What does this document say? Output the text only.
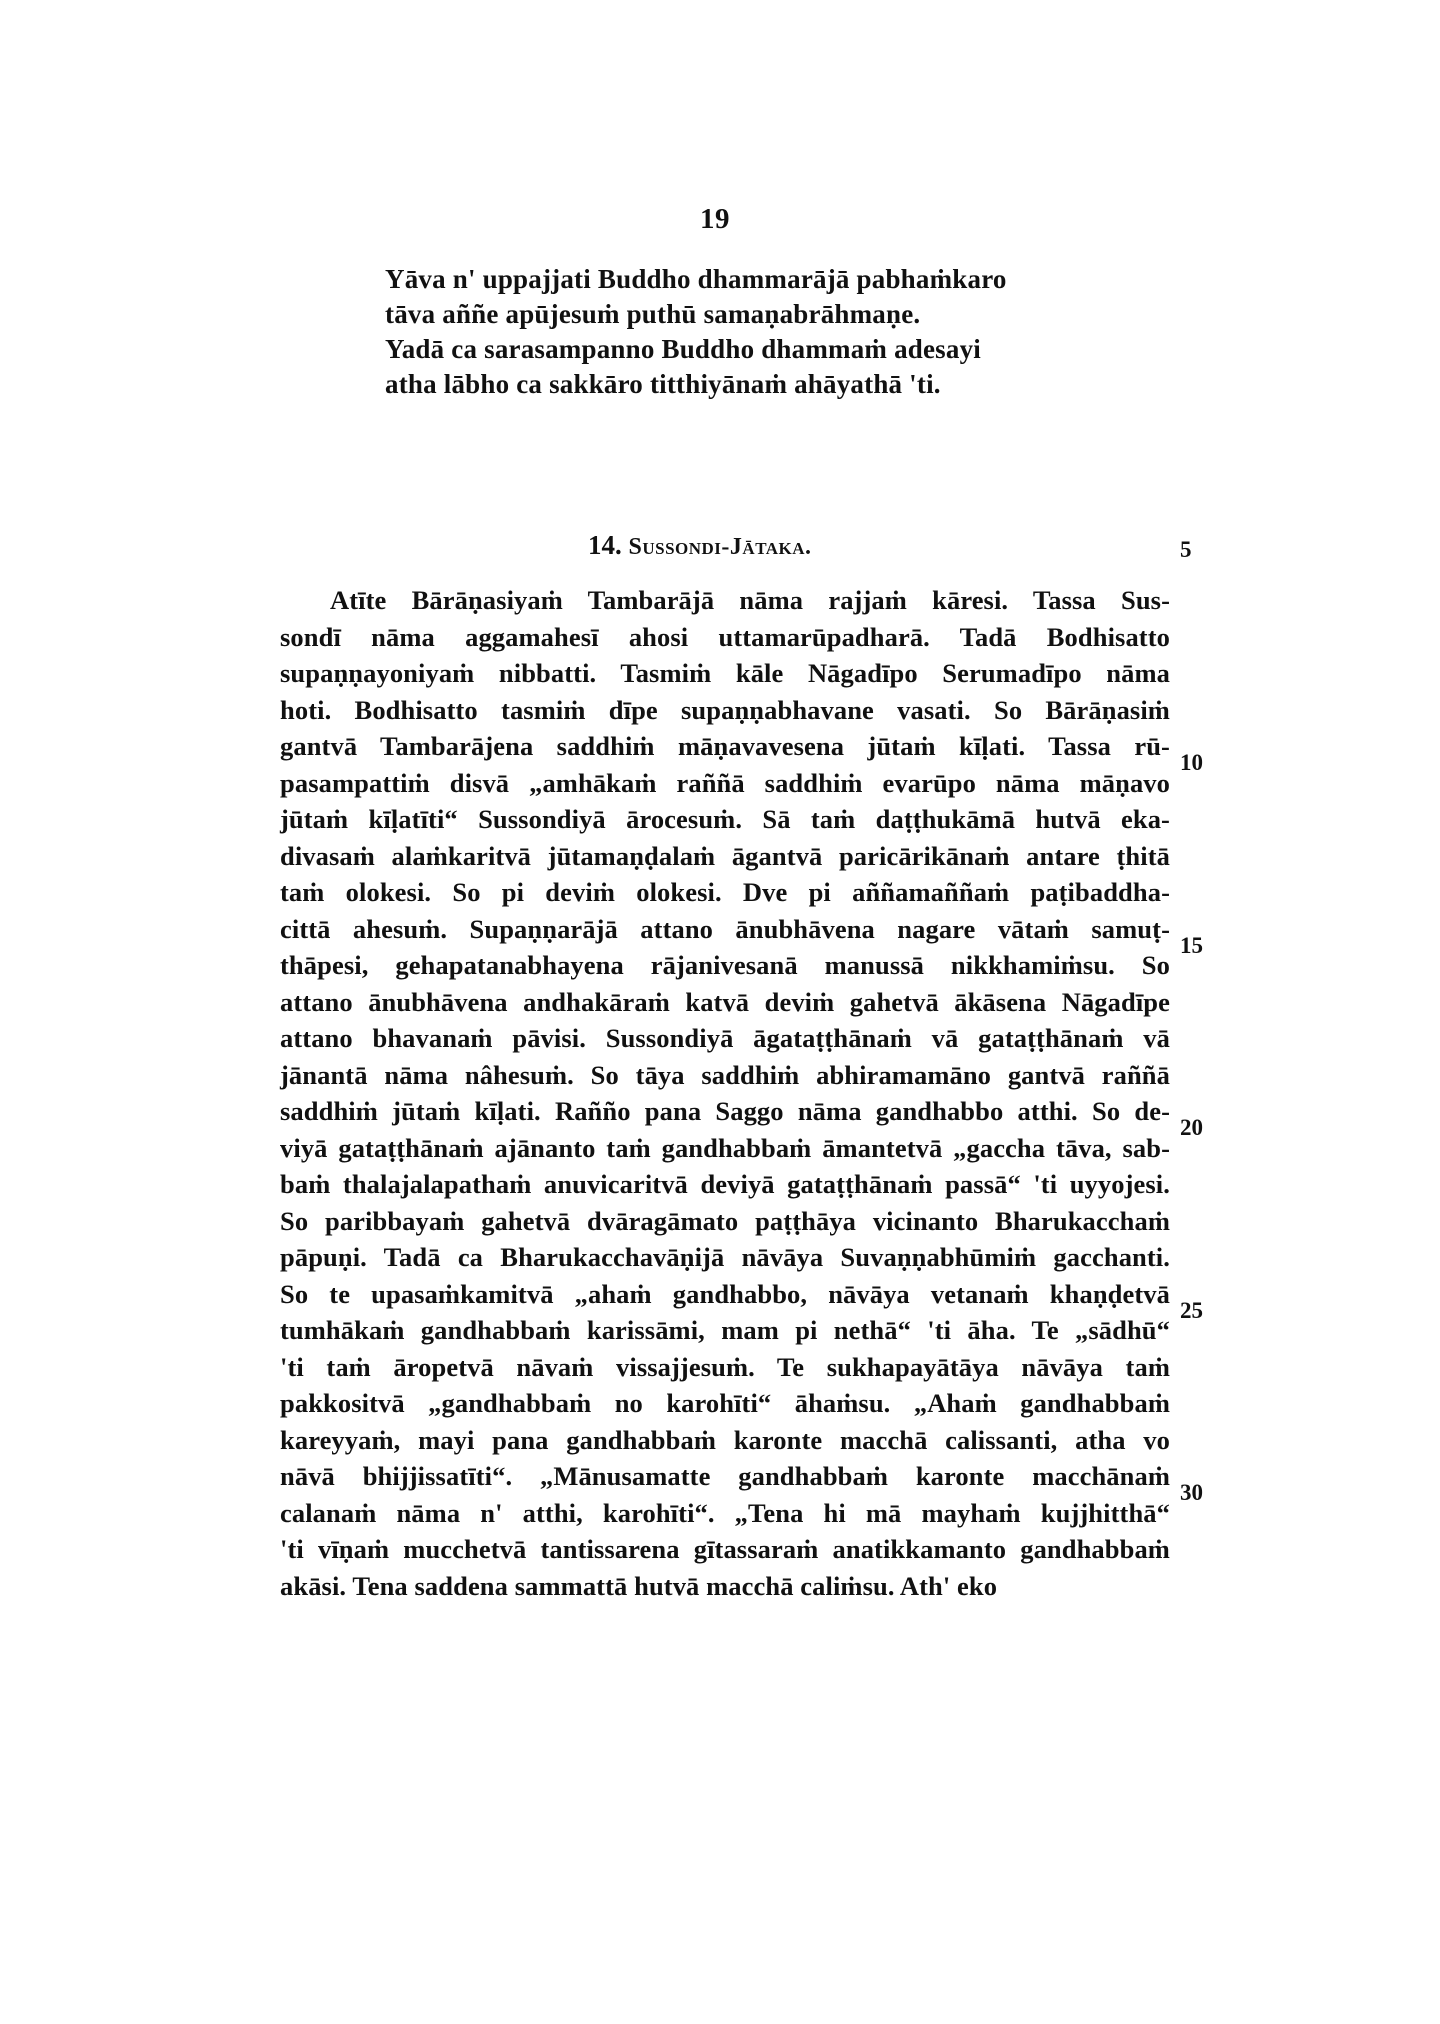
19
Yāva n' uppajjati Buddho dhammarājā pabhaṁkaro
tāva aññe apūjesuṁ puthū samaṇabrāhmaṇe.
Yadā ca sarasampanno Buddho dhammaṁ adesayi
atha lābho ca sakkāro titthiyānaṁ ahāyathā 'ti.
14. Sussondi-Jātaka.
Atīte Bārāṇasiyaṁ Tambarājā nāma rajjaṁ kāresi. Tassa Sus-
sondī nāma aggamahesī ahosi uttamarūpadharā. Tadā Bodhisatto
supaṇṇayoniyaṁ nibbatti. Tasmiṁ kāle Nāgadīpo Serumadīpo nāma
hoti. Bodhisatto tasmiṁ dīpe supaṇṇabhavane vasati. So Bārāṇasiṁ
gantvā Tambarājena saddhiṁ māṇavavesena jūtaṁ kīḷati. Tassa rū-
pasampattiṁ disvā „amhākaṁ raññā saddhiṁ evarūpo nāma māṇavo
jūtaṁ kīḷatīti“ Sussondiyā ārocesuṁ. Sā taṁ daṭṭhukāmā hutvā eka-
divasaṁ alaṁkaritvā jūtamaṇḍalaṁ āgantvā paricārikānaṁ antare ṭhitā
taṁ olokesi. So pi deviṁ olokesi. Dve pi aññamaññaṁ paṭibaddha-
cittā ahesuṁ. Supaṇṇarājā attano ānubhāvena nagare vātaṁ samuṭ-
thāpesi, gehapatanabhayena rājanivesanā manussā nikkhamiṁsu. So
attano ānubhāvena andhakāraṁ katvā deviṁ gahetvā ākāsena Nāgadīpe
attano bhavanaṁ pāvisi. Sussondiyā āgataṭṭhānaṁ vā gataṭṭhānaṁ vā
jānantā nāma nâhesuṁ. So tāya saddhiṁ abhiramamāno gantvā raññā
saddhiṁ jūtaṁ kīḷati. Rañño pana Saggo nāma gandhabbo atthi. So de-
viyā gataṭṭhānaṁ ajānanto taṁ gandhabbaṁ āmantetvā „gaccha tāva, sab-
baṁ thalajalapathaṁ anuvicaritvā deviyā gataṭṭhānaṁ passā“ 'ti uyyojesi.
So paribbayaṁ gahetvā dvāragāmato paṭṭhāya vicinanto Bharukacchaṁ
pāpuṇi. Tadā ca Bharukacchavāṇijā nāvāya Suvaṇṇabhūmiṁ gacchanti.
So te upasaṁkamitvā „ahaṁ gandhabbo, nāvāya vetanaṁ khaṇḍetvā
tumhākaṁ gandhabbaṁ karissāmi, mam pi nethā“ 'ti āha. Te „sādhū“
'ti taṁ āropetvā nāvaṁ vissajjesuṁ. Te sukhapayātāya nāvāya taṁ
pakkositvā „gandhabbaṁ no karohīti“ āhaṁsu. „Ahaṁ gandhabbaṁ
kareyyaṁ, mayi pana gandhabbaṁ karonte macchā calissanti, atha vo
nāvā bhijjissatīti“. „Mānusamatte gandhabbaṁ karonte macchānaṁ
calanaṁ nāma n' atthi, karohīti“. „Tena hi mā mayhaṁ kujjhitthā“
'ti vīṇaṁ mucchetvā tantissarena gītassaraṁ anatikkamanto gandhabbaṁ
akāsi. Tena saddena sammattā hutvā macchā caliṁsu. Ath' eko
5
10
15
20
25
30
